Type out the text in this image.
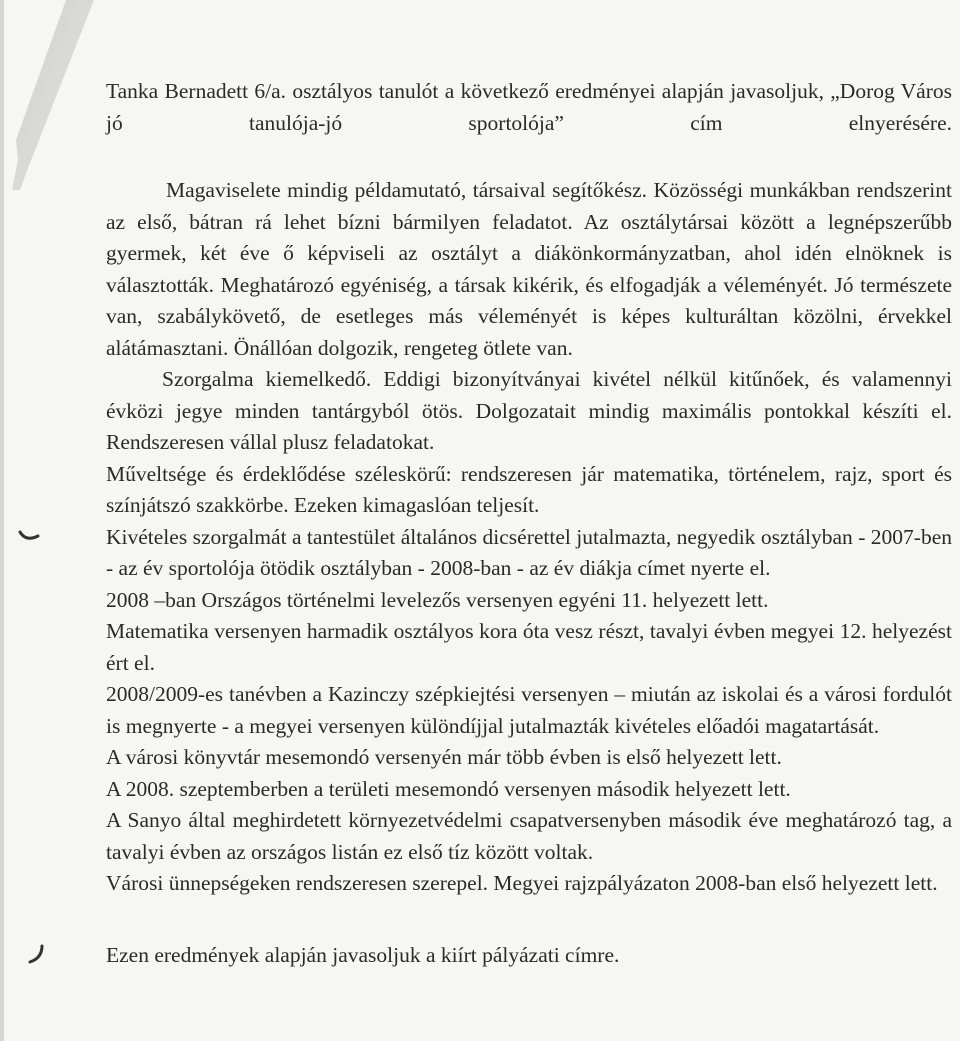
Tanka Bernadett 6/a. osztályos tanulót a következő eredményei alapján javasoljuk, „Dorog Város jó tanulója-jó sportolója” cím elnyerésére.

Magaviselete mindig példamutató, társaival segítőkész. Közösségi munkákban rendszerint az első, bátran rá lehet bízni bármilyen feladatot. Az osztálytársai között a legnépszerűbb gyermek, két éve ő képviseli az osztályt a diákönkormányzatban, ahol idén elnöknek is választották. Meghatározó egyéniség, a társak kikérik, és elfogadják a véleményét. Jó természete van, szabálykövető, de esetleges más véleményét is képes kulturáltan közölni, érvekkel alátámasztani. Önállóan dolgozik, rengeteg ötlete van.

Szorgalma kiemelkedő. Eddigi bizonyítványai kivétel nélkül kitűnőek, és valamennyi évközi jegye minden tantárgyból ötös. Dolgozatait mindig maximális pontokkal készíti el. Rendszeresen vállal plusz feladatokat.

Műveltsége és érdeklődése széleskörű: rendszeresen jár matematika, történelem, rajz, sport és színjátszó szakkörbe. Ezeken kimagaslóan teljesít.

Kivételes szorgalmát a tantestület általános dicsérettel jutalmazta, negyedik osztályban - 2007-ben - az év sportolója ötödik osztályban - 2008-ban - az év diákja címet nyerte el.

2008 –ban Országos történelmi levelezős versenyen egyéni 11. helyezett lett.

Matematika versenyen harmadik osztályos kora óta vesz részt, tavalyi évben megyei 12. helyezést ért el.

2008/2009-es tanévben a Kazinczy szépkiejtési versenyen – miután az iskolai és a városi fordulót is megnyerte - a megyei versenyen különdíjjal jutalmazták kivételes előadói magatartását.

A városi könyvtár mesemondó versenyén már több évben is első helyezett lett.

A 2008. szeptemberben a területi mesemondó versenyen második helyezett lett.

A Sanyo által meghirdetett környezetvédelmi csapatversenyben második éve meghatározó tag, a tavalyi évben az országos listán ez első tíz között voltak.

Városi ünnepségeken rendszeresen szerepel. Megyei rajzpályázaton 2008-ban első helyezett lett.

Ezen eredmények alapján javasoljuk a kiírt pályázati címre.
